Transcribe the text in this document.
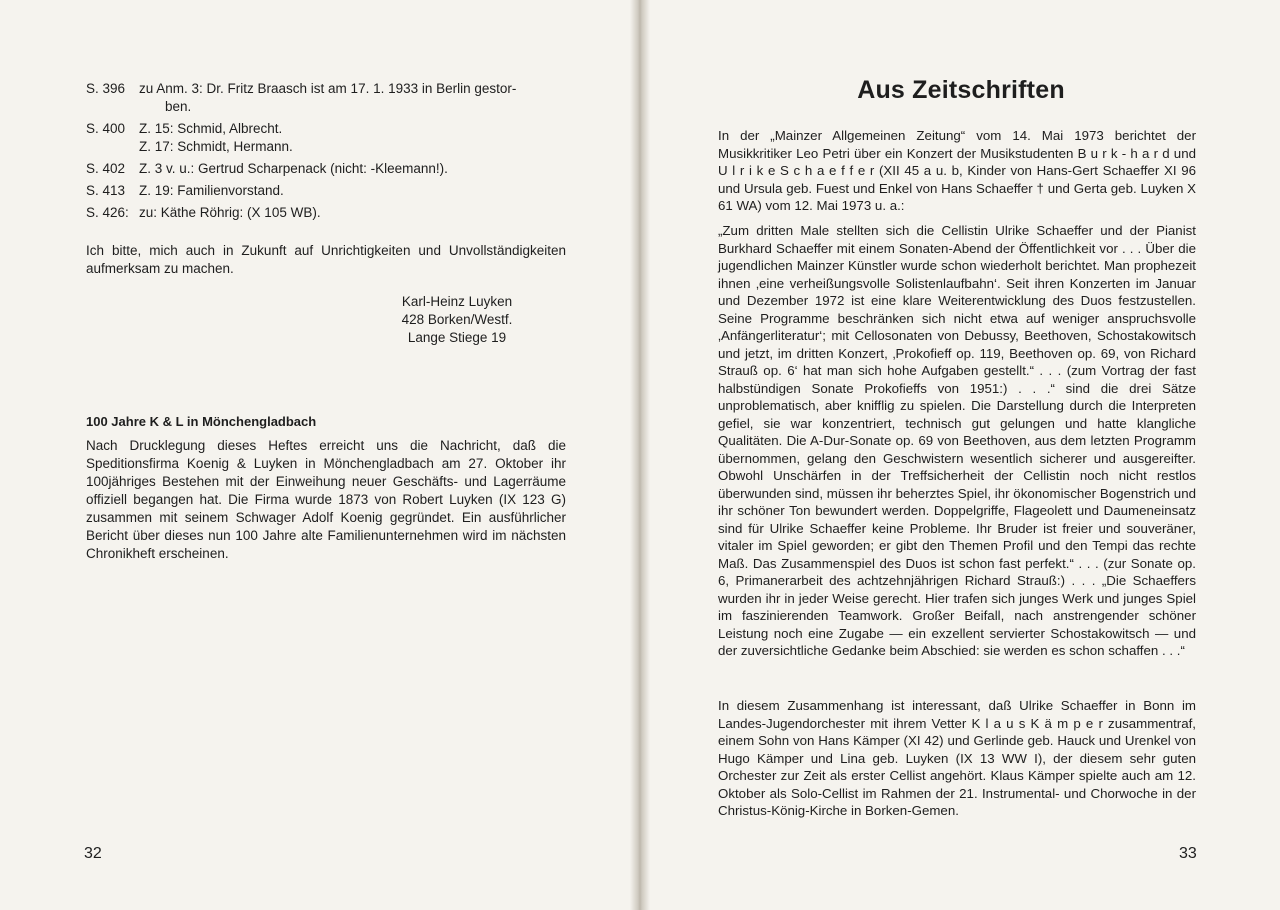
S. 396	zu Anm. 3: Dr. Fritz Braasch ist am 17. 1. 1933 in Berlin gestor-
ben.
S. 400	Z. 15: Schmid, Albrecht.
Z. 17: Schmidt, Hermann.
S. 402	Z. 3 v. u.: Gertrud Scharpenack (nicht: -Kleemann!).
S. 413	Z. 19: Familienvorstand.
S. 426: zu: Käthe Röhrig: (X 105 WB).

Ich bitte, mich auch in Zukunft auf Unrichtigkeiten und Unvollständigkeiten aufmerksam zu machen.

Karl-Heinz Luyken
428 Borken/Westf.
Lange Stiege 19
100 Jahre K & L in Mönchengladbach

Nach Drucklegung dieses Heftes erreicht uns die Nachricht, daß die Speditionsfirma Koenig & Luyken in Mönchengladbach am 27. Oktober ihr 100jähriges Bestehen mit der Einweihung neuer Geschäfts- und Lagerräume offiziell begangen hat. Die Firma wurde 1873 von Robert Luyken (IX 123 G) zusammen mit seinem Schwager Adolf Koenig gegründet. Ein ausführlicher Bericht über dieses nun 100 Jahre alte Familienunternehmen wird im nächsten Chronikheft erscheinen.

32
Aus Zeitschriften

In der „Mainzer Allgemeinen Zeitung“ vom 14. Mai 1973 berichtet der Musikkritiker Leo Petri über ein Konzert der Musikstudenten B u r k - h a r d und U l r i k e S c h a e f f e r (XII 45 a u. b, Kinder von Hans-Gert Schaeffer XI 96 und Ursula geb. Fuest und Enkel von Hans Schaeffer † und Gerta geb. Luyken X 61 WA) vom 12. Mai 1973 u. a.:

„Zum dritten Male stellten sich die Cellistin Ulrike Schaeffer und der Pianist Burkhard Schaeffer mit einem Sonaten-Abend der Öffentlichkeit vor . . . Über die jugendlichen Mainzer Künstler wurde schon wiederholt berichtet. Man prophezeit ihnen ‚eine verheißungsvolle Solistenlaufbahn‘. Seit ihren Konzerten im Januar und Dezember 1972 ist eine klare Weiterentwicklung des Duos festzustellen. Seine Programme beschränken sich nicht etwa auf weniger anspruchsvolle ‚Anfängerliteratur‘; mit Cellosonaten von Debussy, Beethoven, Schostakowitsch und jetzt, im dritten Konzert, ‚Prokofieff op. 119, Beethoven op. 69, von Richard Strauß op. 6‘ hat man sich hohe Aufgaben gestellt.“ . . . (zum Vortrag der fast halbstündigen Sonate Prokofieffs von 1951:) . . .“ sind die drei Sätze unproblematisch, aber knifflig zu spielen. Die Darstellung durch die Interpreten gefiel, sie war konzentriert, technisch gut gelungen und hatte klangliche Qualitäten. Die A-Dur-Sonate op. 69 von Beethoven, aus dem letzten Programm übernommen, gelang den Geschwistern wesentlich sicherer und ausgereifter. Obwohl Unschärfen in der Treffsicherheit der Cellistin noch nicht restlos überwunden sind, müssen ihr beherztes Spiel, ihr ökonomischer Bogenstrich und ihr schöner Ton bewundert werden. Doppelgriffe, Flageolett und Daumeneinsatz sind für Ulrike Schaeffer keine Probleme. Ihr Bruder ist freier und souveräner, vitaler im Spiel geworden; er gibt den Themen Profil und den Tempi das rechte Maß. Das Zusammenspiel des Duos ist schon fast perfekt.“ . . . (zur Sonate op. 6, Primanerarbeit des achtzehnjährigen Richard Strauß:) . . . „Die Schaeffers wurden ihr in jeder Weise gerecht. Hier trafen sich junges Werk und junges Spiel im faszinierenden Teamwork. Großer Beifall, nach anstrengender schöner Leistung noch eine Zugabe — ein exzellent servierter Schostakowitsch — und der zuversichtliche Gedanke beim Abschied: sie werden es schon schaffen . . .“

In diesem Zusammenhang ist interessant, daß Ulrike Schaeffer in Bonn im Landes-Jugendorchester mit ihrem Vetter K l a u s K ä m p e r zusammentraf, einem Sohn von Hans Kämper (XI 42) und Gerlinde geb. Hauck und Urenkel von Hugo Kämper und Lina geb. Luyken (IX 13 WW I), der diesem sehr guten Orchester zur Zeit als erster Cellist angehört. Klaus Kämper spielte auch am 12. Oktober als Solo-Cellist im Rahmen der 21. Instrumental- und Chorwoche in der Christus-König-Kirche in Borken-Gemen.

33
